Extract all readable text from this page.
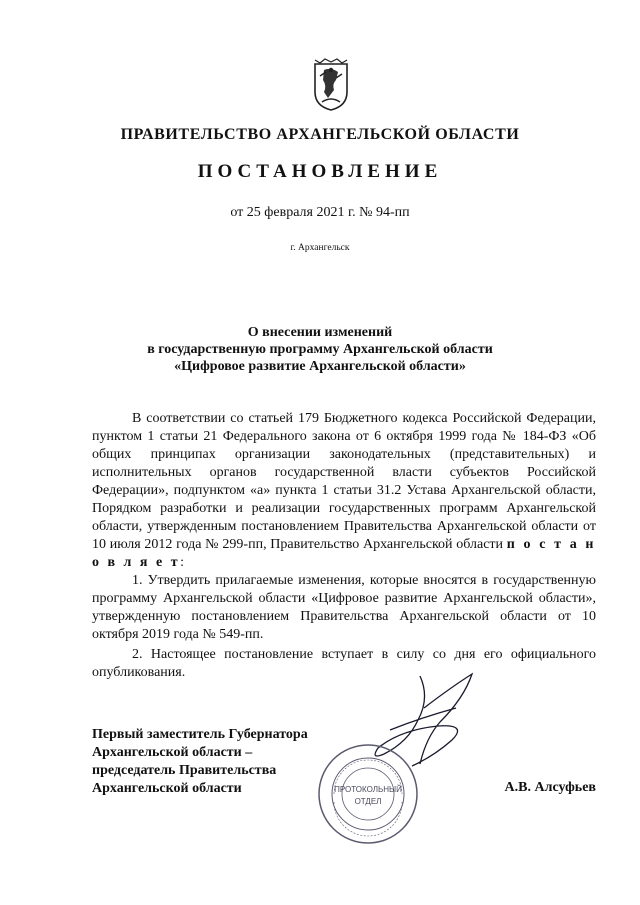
ПРАВИТЕЛЬСТВО АРХАНГЕЛЬСКОЙ ОБЛАСТИ
ПОСТАНОВЛЕНИЕ
от 25 февраля 2021 г. № 94-пп
г. Архангельск
О внесении изменений
в государственную программу Архангельской области
«Цифровое развитие Архангельской области»

В соответствии со статьей 179 Бюджетного кодекса Российской Федерации, пунктом 1 статьи 21 Федерального закона от 6 октября 1999 года № 184-ФЗ «Об общих принципах организации законодательных (представительных) и исполнительных органов государственной власти субъектов Российской Федерации», подпунктом «а» пункта 1 статьи 31.2 Устава Архангельской области, Порядком разработки и реализации государственных программ Архангельской области, утвержденным постановлением Правительства Архангельской области от 10 июля 2012 года № 299-пп, Правительство Архангельской области п о с т а н о в л я е т:

1. Утвердить прилагаемые изменения, которые вносятся в государственную программу Архангельской области «Цифровое развитие Архангельской области», утвержденную постановлением Правительства Архангельской области от 10 октября 2019 года № 549-пп.

2. Настоящее постановление вступает в силу со дня его официального опубликования.

ПРОТОКОЛЬНЫЙ
ОТДЕЛ
Первый заместитель Губернатора
Архангельской области –
председатель Правительства
Архангельской области	А.В. Алсуфьев
